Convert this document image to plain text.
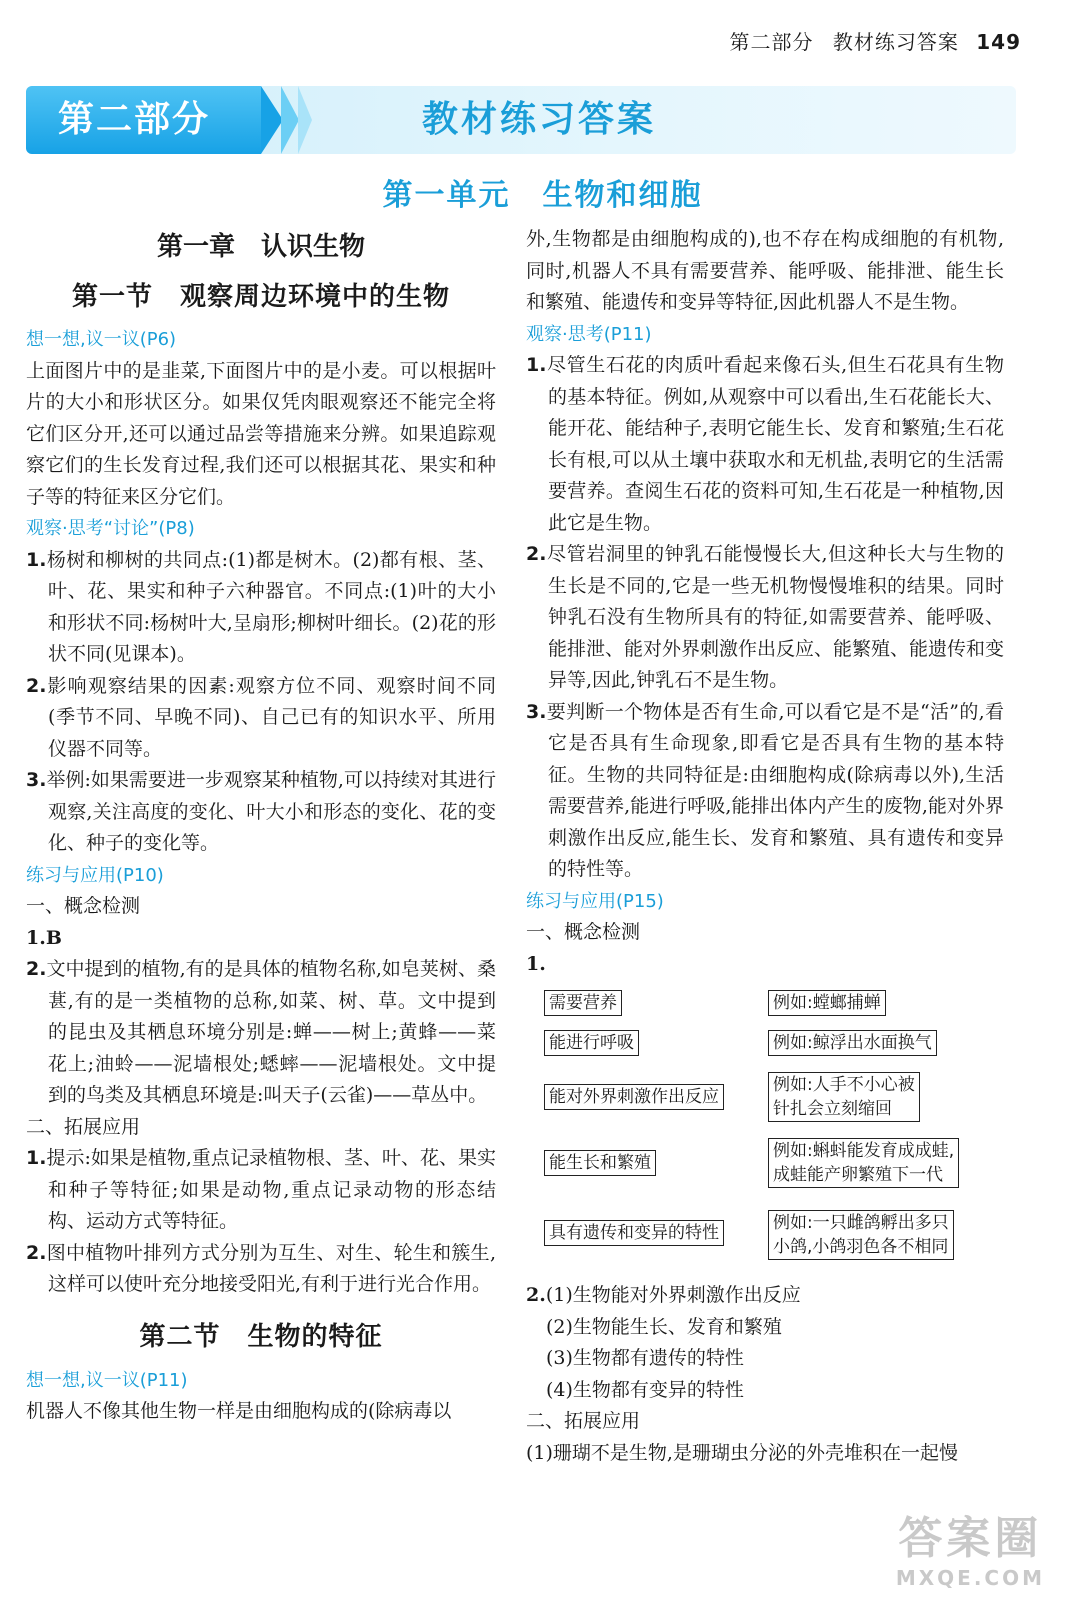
第二部分 教材练习答案 149
第二部分	教材练习答案
第一单元　生物和细胞
第一章　认识生物
第一节　观察周边环境中的生物
想一想,议一议(P6)
上面图片中的是韭菜,下面图片中的是小麦。可以根据叶片的大小和形状区分。如果仅凭肉眼观察还不能完全将它们区分开,还可以通过品尝等措施来分辨。如果追踪观察它们的生长发育过程,我们还可以根据其花、果实和种子等的特征来区分它们。
观察·思考“讨论”(P8)
1.杨树和柳树的共同点:(1)都是树木。(2)都有根、茎、叶、花、果实和种子六种器官。不同点:(1)叶的大小和形状不同:杨树叶大,呈扇形;柳树叶细长。(2)花的形状不同(见课本)。
2.影响观察结果的因素:观察方位不同、观察时间不同(季节不同、早晚不同)、自己已有的知识水平、所用仪器不同等。
3.举例:如果需要进一步观察某种植物,可以持续对其进行观察,关注高度的变化、叶大小和形态的变化、花的变化、种子的变化等。
练习与应用(P10)
一、概念检测
1.B
2.文中提到的植物,有的是具体的植物名称,如皂荚树、桑葚,有的是一类植物的总称,如菜、树、草。文中提到的昆虫及其栖息环境分别是:蝉——树上;黄蜂——菜花上;油蛉——泥墙根处;蟋蟀——泥墙根处。文中提到的鸟类及其栖息环境是:叫天子(云雀)——草丛中。
二、拓展应用
1.提示:如果是植物,重点记录植物根、茎、叶、花、果实和种子等特征;如果是动物,重点记录动物的形态结构、运动方式等特征。
2.图中植物叶排列方式分别为互生、对生、轮生和簇生,这样可以使叶充分地接受阳光,有利于进行光合作用。
第二节　生物的特征
想一想,议一议(P11)
机器人不像其他生物一样是由细胞构成的(除病毒以
外,生物都是由细胞构成的),也不存在构成细胞的有机物,同时,机器人不具有需要营养、能呼吸、能排泄、能生长和繁殖、能遗传和变异等特征,因此机器人不是生物。
观察·思考(P11)
1.尽管生石花的肉质叶看起来像石头,但生石花具有生物的基本特征。例如,从观察中可以看出,生石花能长大、能开花、能结种子,表明它能生长、发育和繁殖;生石花长有根,可以从土壤中获取水和无机盐,表明它的生活需要营养。查阅生石花的资料可知,生石花是一种植物,因此它是生物。
2.尽管岩洞里的钟乳石能慢慢长大,但这种长大与生物的生长是不同的,它是一些无机物慢慢堆积的结果。同时钟乳石没有生物所具有的特征,如需要营养、能呼吸、能排泄、能对外界刺激作出反应、能繁殖、能遗传和变异等,因此,钟乳石不是生物。
3.要判断一个物体是否有生命,可以看它是不是“活”的,看它是否具有生命现象,即看它是否具有生物的基本特征。生物的共同特征是:由细胞构成(除病毒以外),生活需要营养,能进行呼吸,能排出体内产生的废物,能对外界刺激作出反应,能生长、发育和繁殖、具有遗传和变异的特性等。
练习与应用(P15)
一、概念检测
1.
需要营养
能进行呼吸
能对外界刺激作出反应
能生长和繁殖
具有遗传和变异的特性
例如:螳螂捕蝉
例如:鲸浮出水面换气
例如:人手不小心被
针扎会立刻缩回
例如:蝌蚪能发育成成蛙,
成蛙能产卵繁殖下一代
例如:一只雌鸽孵出多只
小鸽,小鸽羽色各不相同
2.(1)生物能对外界刺激作出反应
(2)生物能生长、发育和繁殖
(3)生物都有遗传的特性
(4)生物都有变异的特性
二、拓展应用
(1)珊瑚不是生物,是珊瑚虫分泌的外壳堆积在一起慢
答案圈
MXQE.COM
